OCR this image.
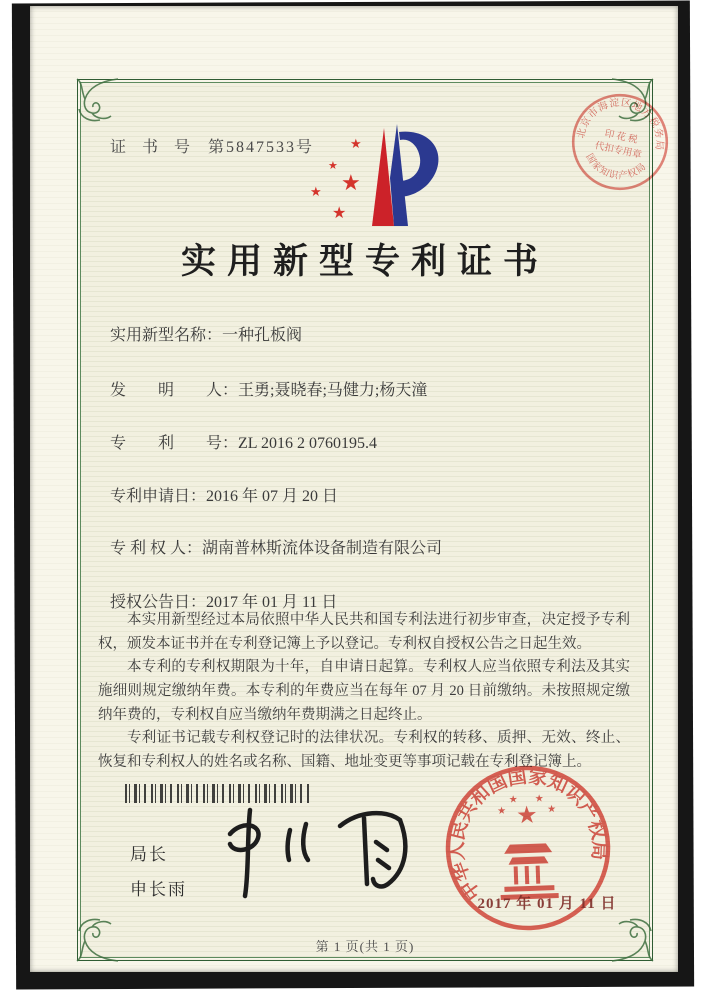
证 书 号 第5847533号	★
★
★
★
★
北京市海淀区地方税务局
国家知识产权局
印 花 税
代扣专用章
实用新型专利证书
实用新型名称：一种孔板阀
发　　明　　人：王勇;聂晓春;马健力;杨天潼
专　　利　　号：ZL 2016 2 0760195.4
专利申请日：2016 年 07 月 20 日
专 利 权 人：湖南普林斯流体设备制造有限公司
授权公告日：2017 年 01 月 11 日

本实用新型经过本局依照中华人民共和国专利法进行初步审查，决定授予专利权，颁发本证书并在专利登记簿上予以登记。专利权自授权公告之日起生效。

本专利的专利权期限为十年，自申请日起算。专利权人应当依照专利法及其实施细则规定缴纳年费。本专利的年费应当在每年 07 月 20 日前缴纳。未按照规定缴纳年费的，专利权自应当缴纳年费期满之日起终止。

专利证书记载专利权登记时的法律状况。专利权的转移、质押、无效、终止、恢复和专利权人的姓名或名称、国籍、地址变更等事项记载在专利登记簿上。

局长
申长雨	中华人民共和国国家知识产权局
★
★
★ ★
★
2017 年 01 月 11 日
第 1 页(共 1 页)
